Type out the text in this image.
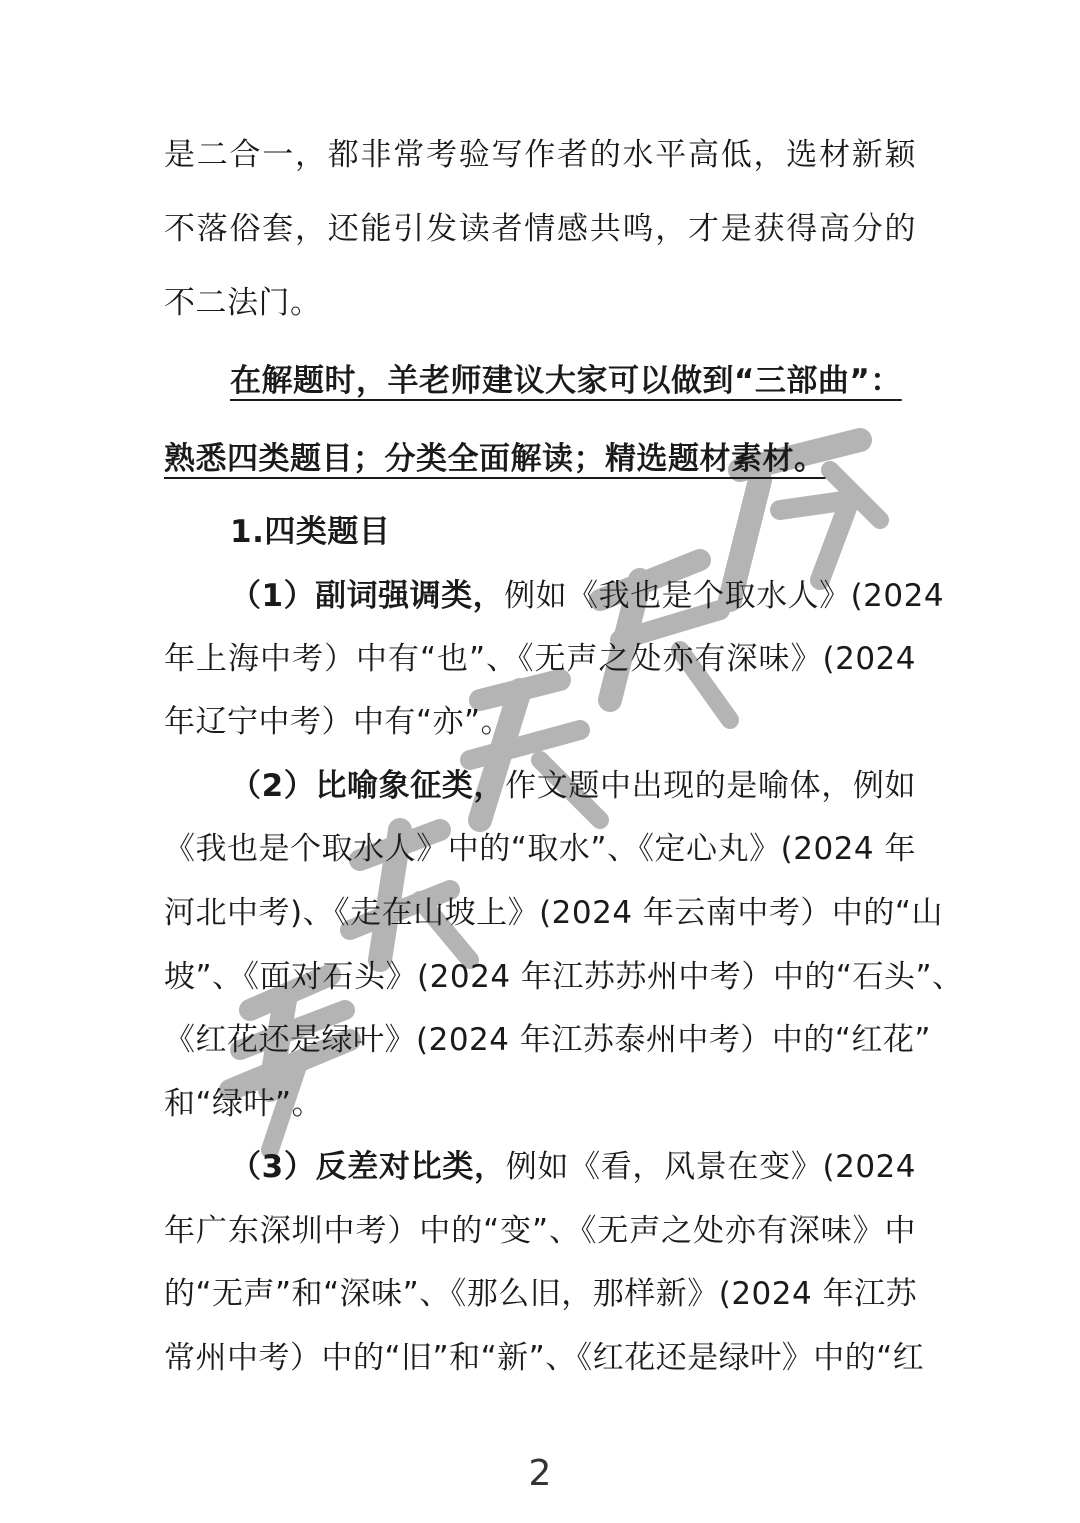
是二合一，都非常考验写作者的水平高低，选材新颖
不落俗套，还能引发读者情感共鸣，才是获得高分的
不二法门。
在解题时，羊老师建议大家可以做到“三部曲”：
熟悉四类题目；分类全面解读；精选题材素材。
1.四类题目
（1）副词强调类，例如《我也是个取水人》(2024
年上海中考）中有“也”、《无声之处亦有深味》(2024
年辽宁中考）中有“亦”。
（2）比喻象征类，作文题中出现的是喻体，例如
《我也是个取水人》中的“取水”、《定心丸》(2024 年
河北中考)、《走在山坡上》(2024 年云南中考）中的“山
坡”、《面对石头》(2024 年江苏苏州中考）中的“石头”、
《红花还是绿叶》(2024 年江苏泰州中考）中的“红花”
和“绿叶”。
（3）反差对比类，例如《看，风景在变》(2024
年广东深圳中考）中的“变”、《无声之处亦有深味》中
的“无声”和“深味”、《那么旧，那样新》(2024 年江苏
常州中考）中的“旧”和“新”、《红花还是绿叶》中的“红
2
